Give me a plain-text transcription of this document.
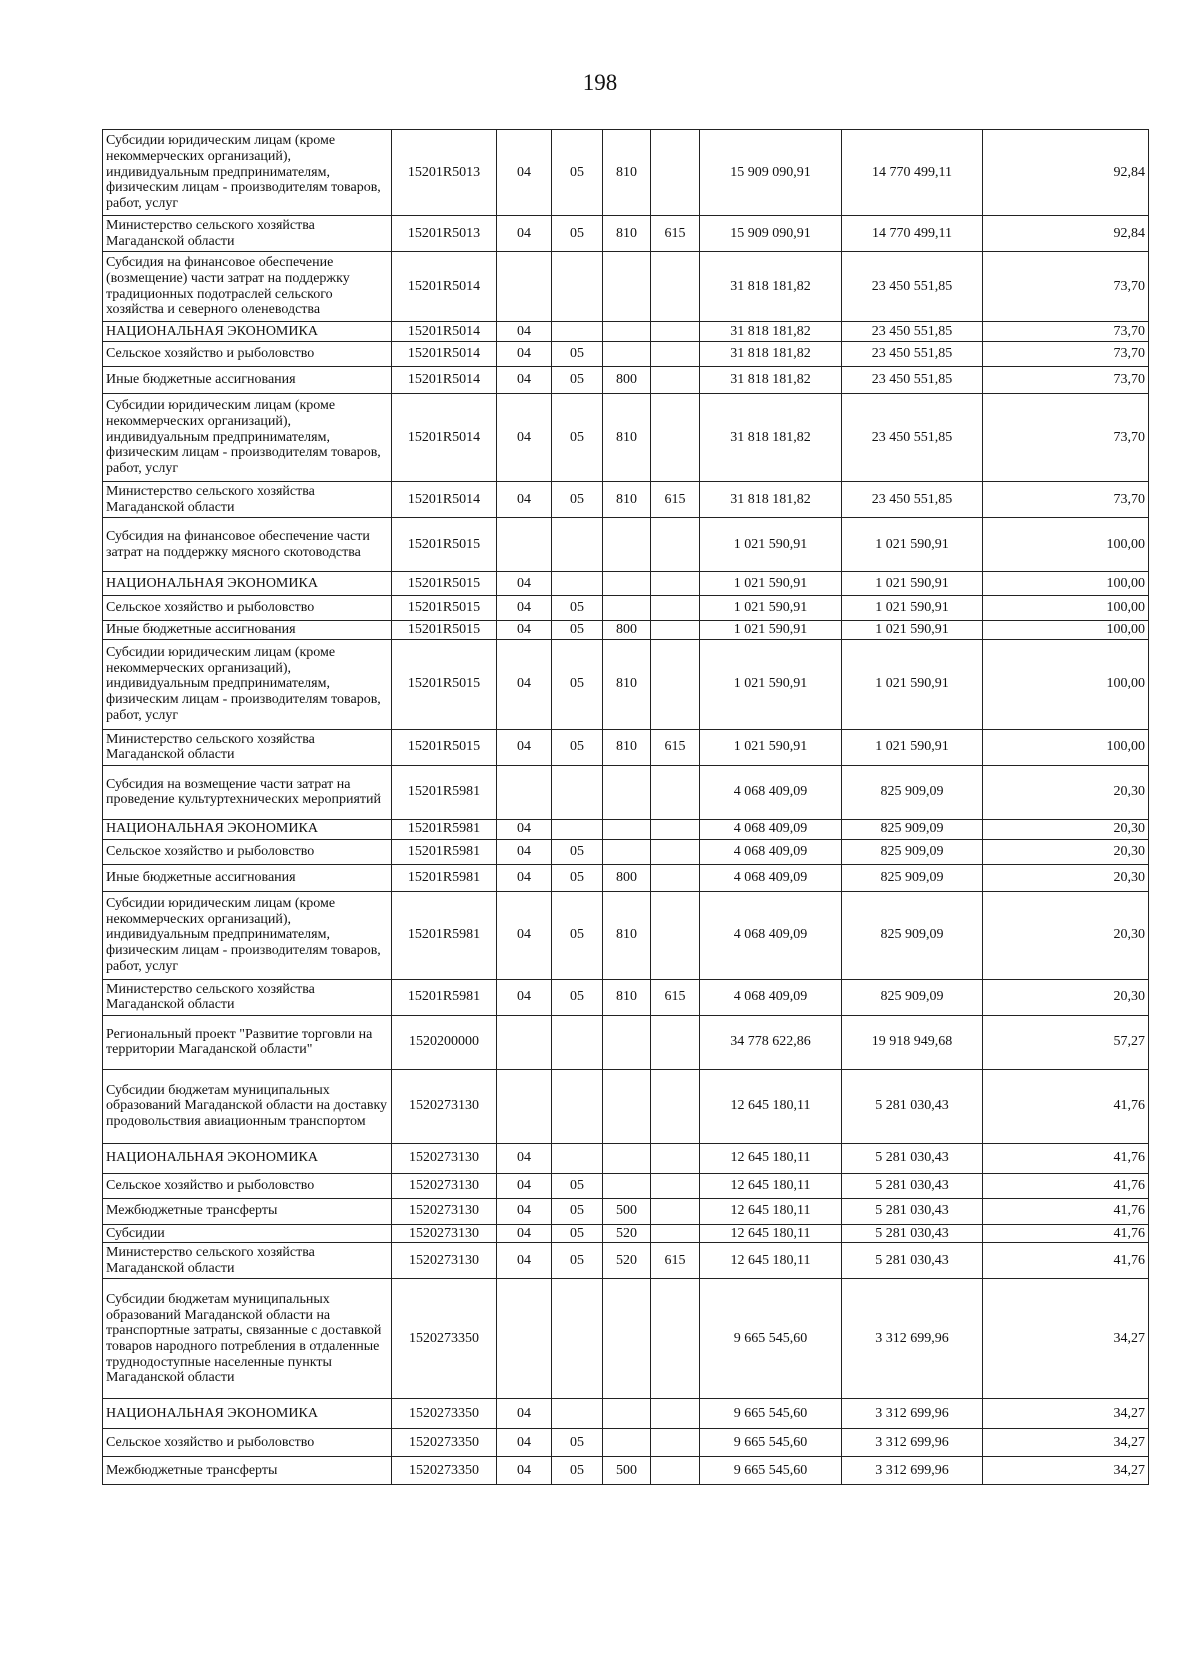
198
Субсидии юридическим лицам (кроме некоммерческих организаций), индивидуальным предпринимателям, физическим лицам - производителям товаров, работ, услуг	15201R5013	04	05	810		15 909 090,91	14 770 499,11	92,84
Министерство сельского хозяйства Магаданской области	15201R5013	04	05	810	615	15 909 090,91	14 770 499,11	92,84
Субсидия на финансовое обеспечение (возмещение) части затрат на поддержку традиционных подотраслей сельского хозяйства и северного оленеводства	15201R5014					31 818 181,82	23 450 551,85	73,70
НАЦИОНАЛЬНАЯ ЭКОНОМИКА	15201R5014	04				31 818 181,82	23 450 551,85	73,70
Сельское хозяйство и рыболовство	15201R5014	04	05			31 818 181,82	23 450 551,85	73,70
Иные бюджетные ассигнования	15201R5014	04	05	800		31 818 181,82	23 450 551,85	73,70
Субсидии юридическим лицам (кроме некоммерческих организаций), индивидуальным предпринимателям, физическим лицам - производителям товаров, работ, услуг	15201R5014	04	05	810		31 818 181,82	23 450 551,85	73,70
Министерство сельского хозяйства Магаданской области	15201R5014	04	05	810	615	31 818 181,82	23 450 551,85	73,70
Субсидия на финансовое обеспечение части затрат на поддержку мясного скотоводства	15201R5015					1 021 590,91	1 021 590,91	100,00
НАЦИОНАЛЬНАЯ ЭКОНОМИКА	15201R5015	04				1 021 590,91	1 021 590,91	100,00
Сельское хозяйство и рыболовство	15201R5015	04	05			1 021 590,91	1 021 590,91	100,00
Иные бюджетные ассигнования	15201R5015	04	05	800		1 021 590,91	1 021 590,91	100,00
Субсидии юридическим лицам (кроме некоммерческих организаций), индивидуальным предпринимателям, физическим лицам - производителям товаров, работ, услуг	15201R5015	04	05	810		1 021 590,91	1 021 590,91	100,00
Министерство сельского хозяйства Магаданской области	15201R5015	04	05	810	615	1 021 590,91	1 021 590,91	100,00
Субсидия на возмещение части затрат на проведение культуртехнических мероприятий	15201R5981					4 068 409,09	825 909,09	20,30
НАЦИОНАЛЬНАЯ ЭКОНОМИКА	15201R5981	04				4 068 409,09	825 909,09	20,30
Сельское хозяйство и рыболовство	15201R5981	04	05			4 068 409,09	825 909,09	20,30
Иные бюджетные ассигнования	15201R5981	04	05	800		4 068 409,09	825 909,09	20,30
Субсидии юридическим лицам (кроме некоммерческих организаций), индивидуальным предпринимателям, физическим лицам - производителям товаров, работ, услуг	15201R5981	04	05	810		4 068 409,09	825 909,09	20,30
Министерство сельского хозяйства Магаданской области	15201R5981	04	05	810	615	4 068 409,09	825 909,09	20,30
Региональный проект "Развитие торговли на территории Магаданской области"	1520200000					34 778 622,86	19 918 949,68	57,27
Субсидии бюджетам муниципальных образований Магаданской области на доставку продовольствия авиационным транспортом	1520273130					12 645 180,11	5 281 030,43	41,76
НАЦИОНАЛЬНАЯ ЭКОНОМИКА	1520273130	04				12 645 180,11	5 281 030,43	41,76
Сельское хозяйство и рыболовство	1520273130	04	05			12 645 180,11	5 281 030,43	41,76
Межбюджетные трансферты	1520273130	04	05	500		12 645 180,11	5 281 030,43	41,76
Субсидии	1520273130	04	05	520		12 645 180,11	5 281 030,43	41,76
Министерство сельского хозяйства Магаданской области	1520273130	04	05	520	615	12 645 180,11	5 281 030,43	41,76
Субсидии бюджетам муниципальных образований Магаданской области на транспортные затраты, связанные с доставкой товаров народного потребления в отдаленные труднодоступные населенные пункты Магаданской области	1520273350					9 665 545,60	3 312 699,96	34,27
НАЦИОНАЛЬНАЯ ЭКОНОМИКА	1520273350	04				9 665 545,60	3 312 699,96	34,27
Сельское хозяйство и рыболовство	1520273350	04	05			9 665 545,60	3 312 699,96	34,27
Межбюджетные трансферты	1520273350	04	05	500		9 665 545,60	3 312 699,96	34,27
